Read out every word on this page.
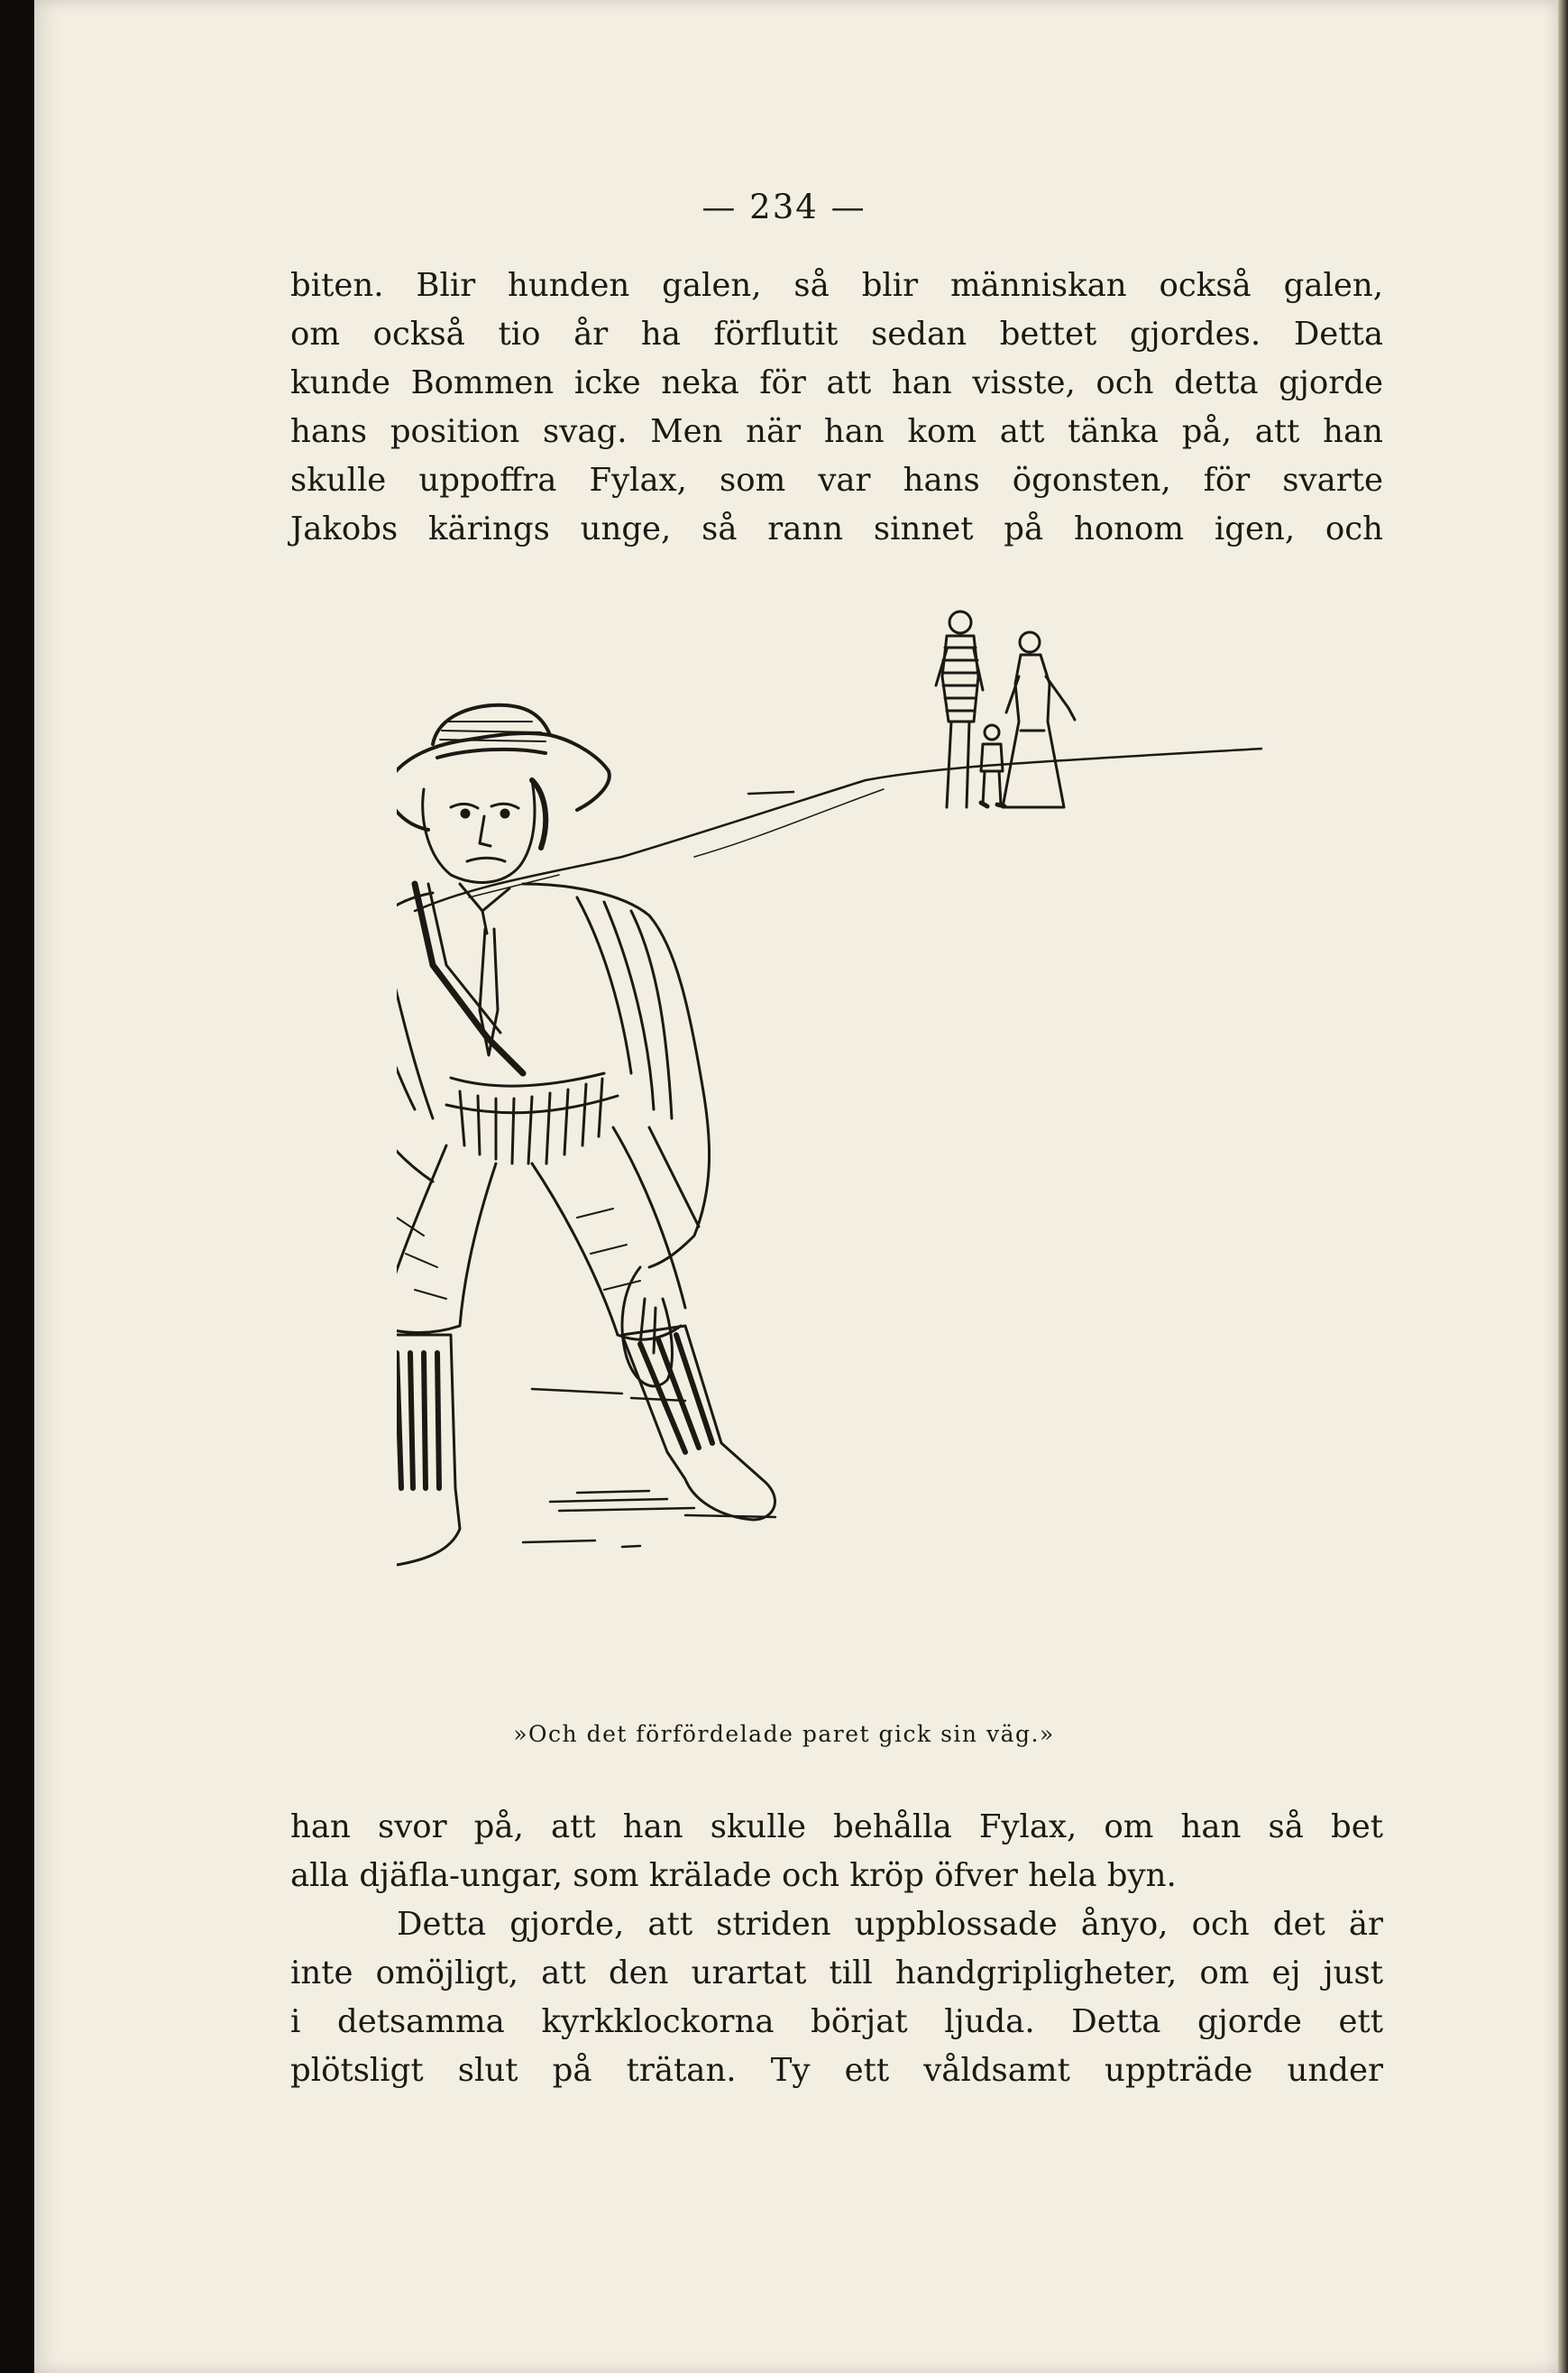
— 234 —

biten. Blir hunden galen, så blir människan också galen,
om också tio år ha förflutit sedan bettet gjordes. Detta
kunde Bommen icke neka för att han visste, och detta gjorde
hans position svag. Men när han kom att tänka på, att han
skulle uppoffra Fylax, som var hans ögonsten, för svarte
Jakobs kärings unge, så rann sinnet på honom igen, och

»Och det förfördelade paret gick sin väg.»

han svor på, att han skulle behålla Fylax, om han så bet
alla djäfla-ungar, som krälade och kröp öfver hela byn.

Detta gjorde, att striden uppblossade ånyo, och det är
inte omöjligt, att den urartat till handgripligheter, om ej just
i detsamma kyrkklockorna börjat ljuda. Detta gjorde ett
plötsligt slut på trätan. Ty ett våldsamt uppträde under
